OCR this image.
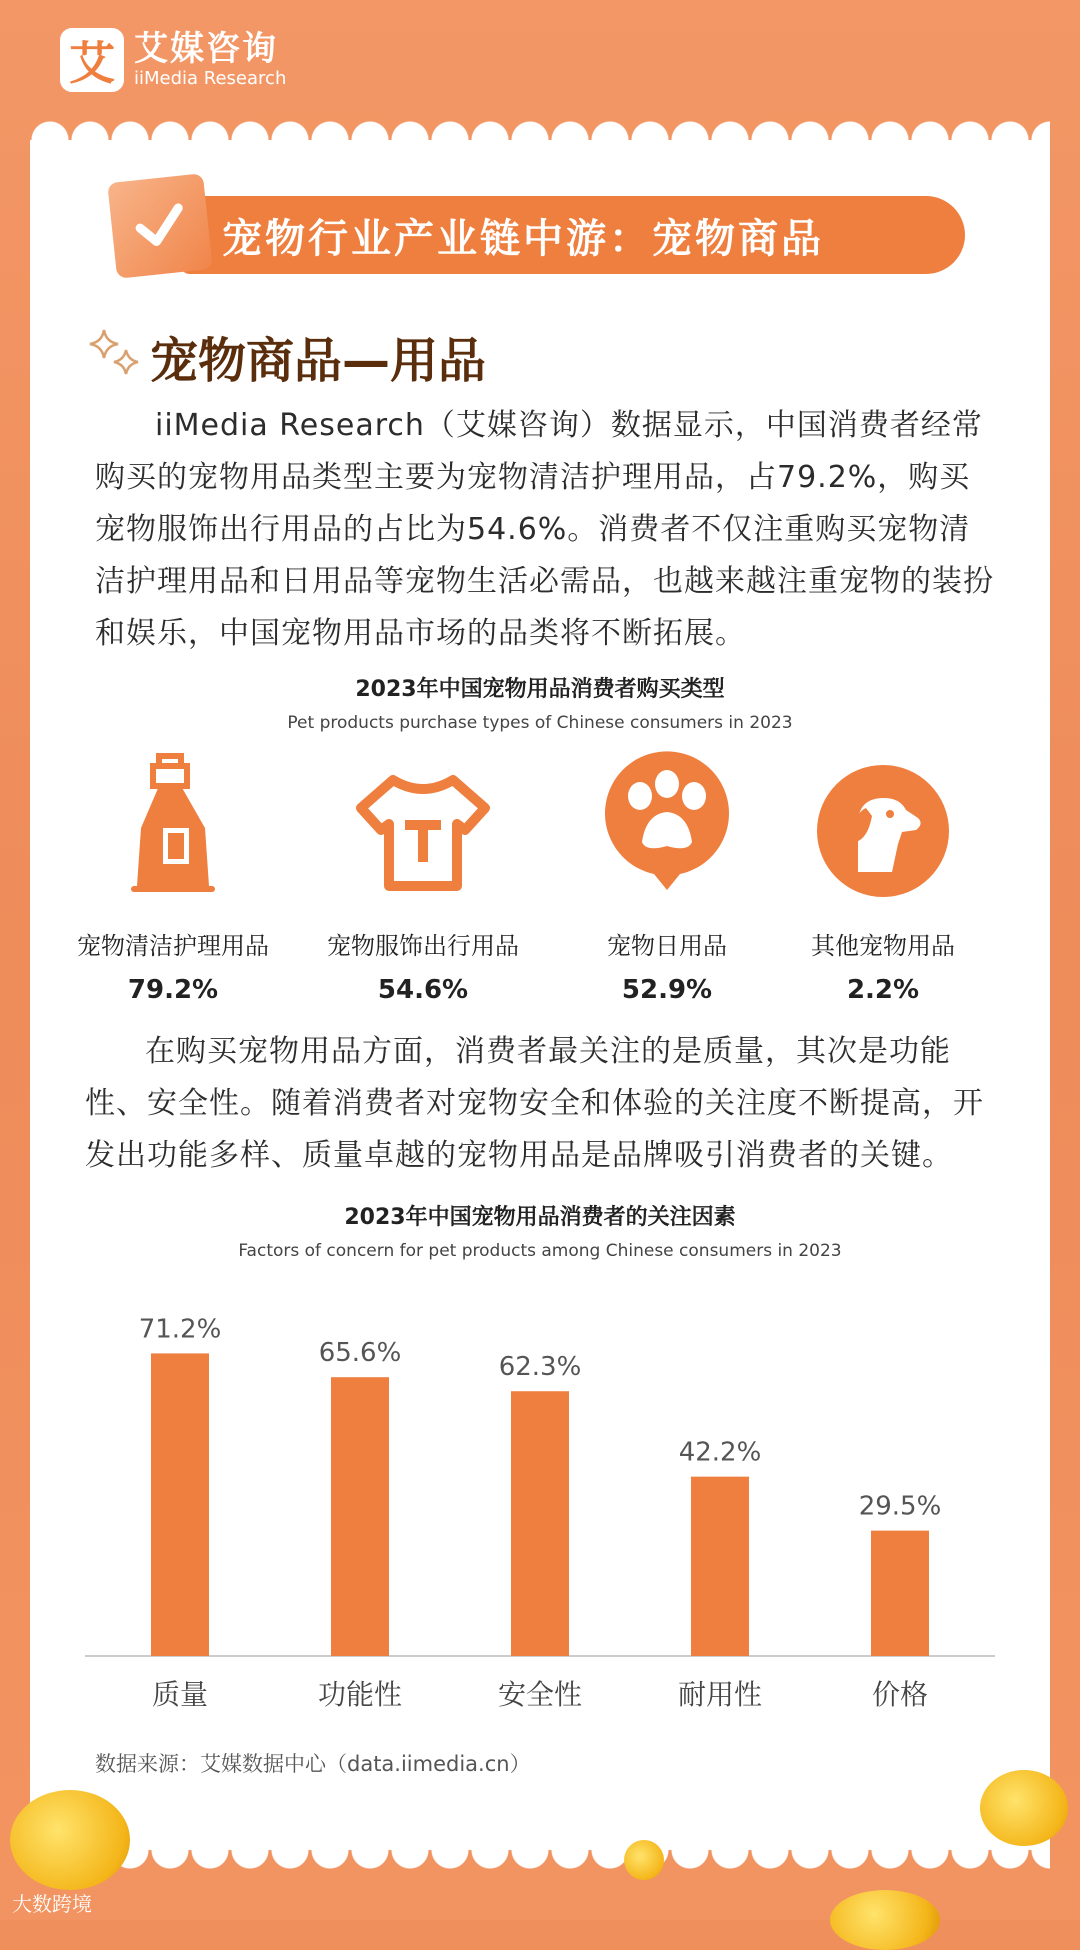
艾 艾媒咨询
iiMedia Research
宠物行业产业链中游：宠物商品
宠物商品—用品
iiMedia Research（艾媒咨询）数据显示，中国消费者经常购买的宠物用品类型主要为宠物清洁护理用品，占79.2%，购买宠物服饰出行用品的占比为54.6%。消费者不仅注重购买宠物清洁护理用品和日用品等宠物生活必需品，也越来越注重宠物的装扮和娱乐，中国宠物用品市场的品类将不断拓展。
2023年中国宠物用品消费者购买类型
Pet products purchase types of Chinese consumers in 2023
宠物清洁护理用品
79.2%
宠物服饰出行用品
54.6%
宠物日用品
52.9%
其他宠物用品
2.2%
在购买宠物用品方面，消费者最关注的是质量，其次是功能性、安全性。随着消费者对宠物安全和体验的关注度不断提高，开发出功能多样、质量卓越的宠物用品是品牌吸引消费者的关键。
2023年中国宠物用品消费者的关注因素
Factors of concern for pet products among Chinese consumers in 2023
71.2%
质量
65.6%
功能性
62.3%
安全性
42.2%
耐用性
29.5%
价格
数据来源：艾媒数据中心（data.iimedia.cn）
大数跨境
